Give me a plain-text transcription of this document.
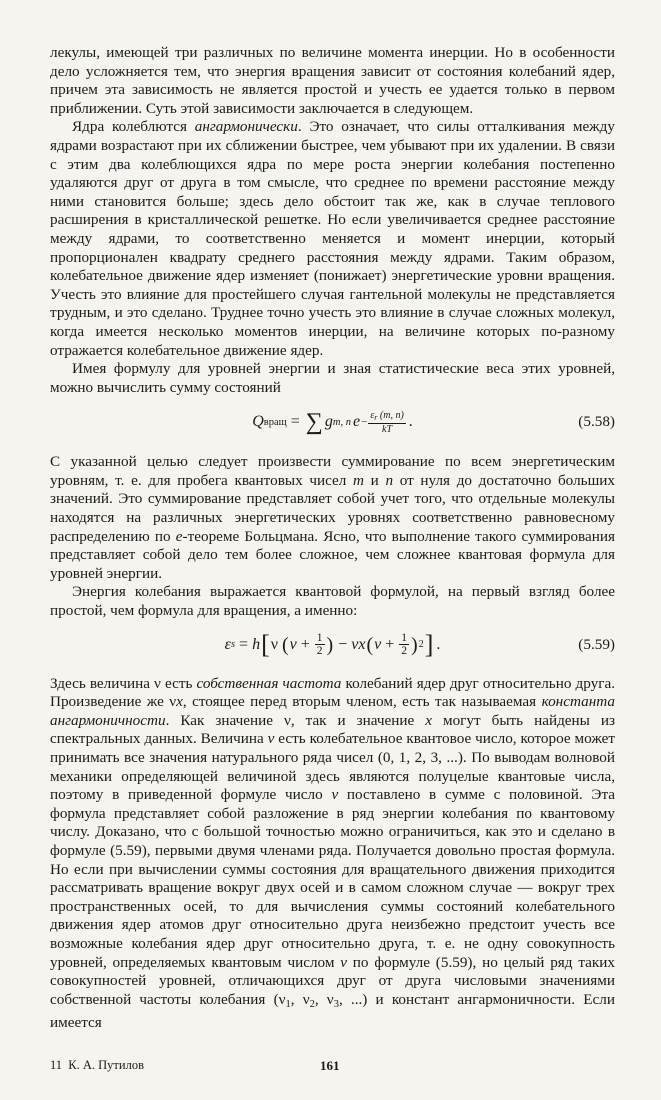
лекулы, имеющей три различных по величине момента инерции. Но в особенности дело усложняется тем, что энергия вращения зависит от состояния колебаний ядер, причем эта зависимость не является простой и учесть ее удается только в первом приближении. Суть этой зависимости заключается в следующем.

Ядра колеблются ангармонически. Это означает, что силы отталкивания между ядрами возрастают при их сближении быстрее, чем убывают при их удалении. В связи с этим два колеблющихся ядра по мере роста энергии колебания постепенно удаляются друг от друга в том смысле, что среднее по времени расстояние между ними становится больше; здесь дело обстоит так же, как в случае теплового расширения в кристаллической решетке. Но если увеличивается среднее расстояние между ядрами, то соответственно меняется и момент инерции, который пропорционален квадрату среднего расстояния между ядрами. Таким образом, колебательное движение ядер изменяет (понижает) энергетические уровни вращения. Учесть это влияние для простейшего случая гантельной молекулы не представляется трудным, и это сделано. Труднее точно учесть это влияние в случае сложных молекул, когда имеется несколько моментов инерции, на величине которых по-разному отражается колебательное движение ядер.

Имея формулу для уровней энергии и зная статистические веса этих уровней, можно вычислить сумму состояний

Q вращ = ∑ g m, n $e - \frac{\varepsilon_r (m, n)}{kT}$ .	(5.58)

С указанной целью следует произвести суммирование по всем энергетическим уровням, т. е. для пробега квантовых чисел m и n от нуля до достаточно больших значений. Это суммирование представляет собой учет того, что отдельные молекулы находятся на различных энергетических уровнях соответственно равновесному распределению по e-теореме Больцмана. Ясно, что выполнение такого суммирования представляет собой дело тем более сложное, чем сложнее квантовая формула для уровней энергии.

Энергия колебания выражается квантовой формулой, на первый взгляд более простой, чем формула для вращения, а именно:

ε s = h [ ν ( $v + \frac{1}{2}$ ) − νx ( $v + \frac{1}{2}$ ) 2 ] .	(5.59)

Здесь величина ν есть собственная частота колебаний ядер друг относительно друга. Произведение же νx, стоящее перед вторым членом, есть так называемая константа ангармоничности. Как значение ν, так и значение x могут быть найдены из спектральных данных. Величина v есть колебательное квантовое число, которое может принимать все значения натурального ряда чисел (0, 1, 2, 3, ...). По выводам волновой механики определяющей величиной здесь являются полуцелые квантовые числа, поэтому в приведенной формуле число v поставлено в сумме с половиной. Эта формула представляет собой разложение в ряд энергии колебания по квантовому числу. Доказано, что с большой точностью можно ограничиться, как это и сделано в формуле (5.59), первыми двумя членами ряда. Получается довольно простая формула. Но если при вычислении суммы состояния для вращательного движения приходится рассматривать вращение вокруг двух осей и в самом сложном случае — вокруг трех пространственных осей, то для вычисления суммы состояний колебательного движения ядер атомов друг относительно друга неизбежно предстоит учесть все возможные колебания ядер друг относительно друга, т. е. не одну совокупность уровней, определяемых квантовым числом v по формуле (5.59), но целый ряд таких совокупностей уровней, отличающихся друг от друга числовыми значениями собственной частоты колебания ($\nu_1$, $\nu_2$, $\nu_3$, ...) и констант ангармоничности. Если имеется

11  К. А. Путилов	161
